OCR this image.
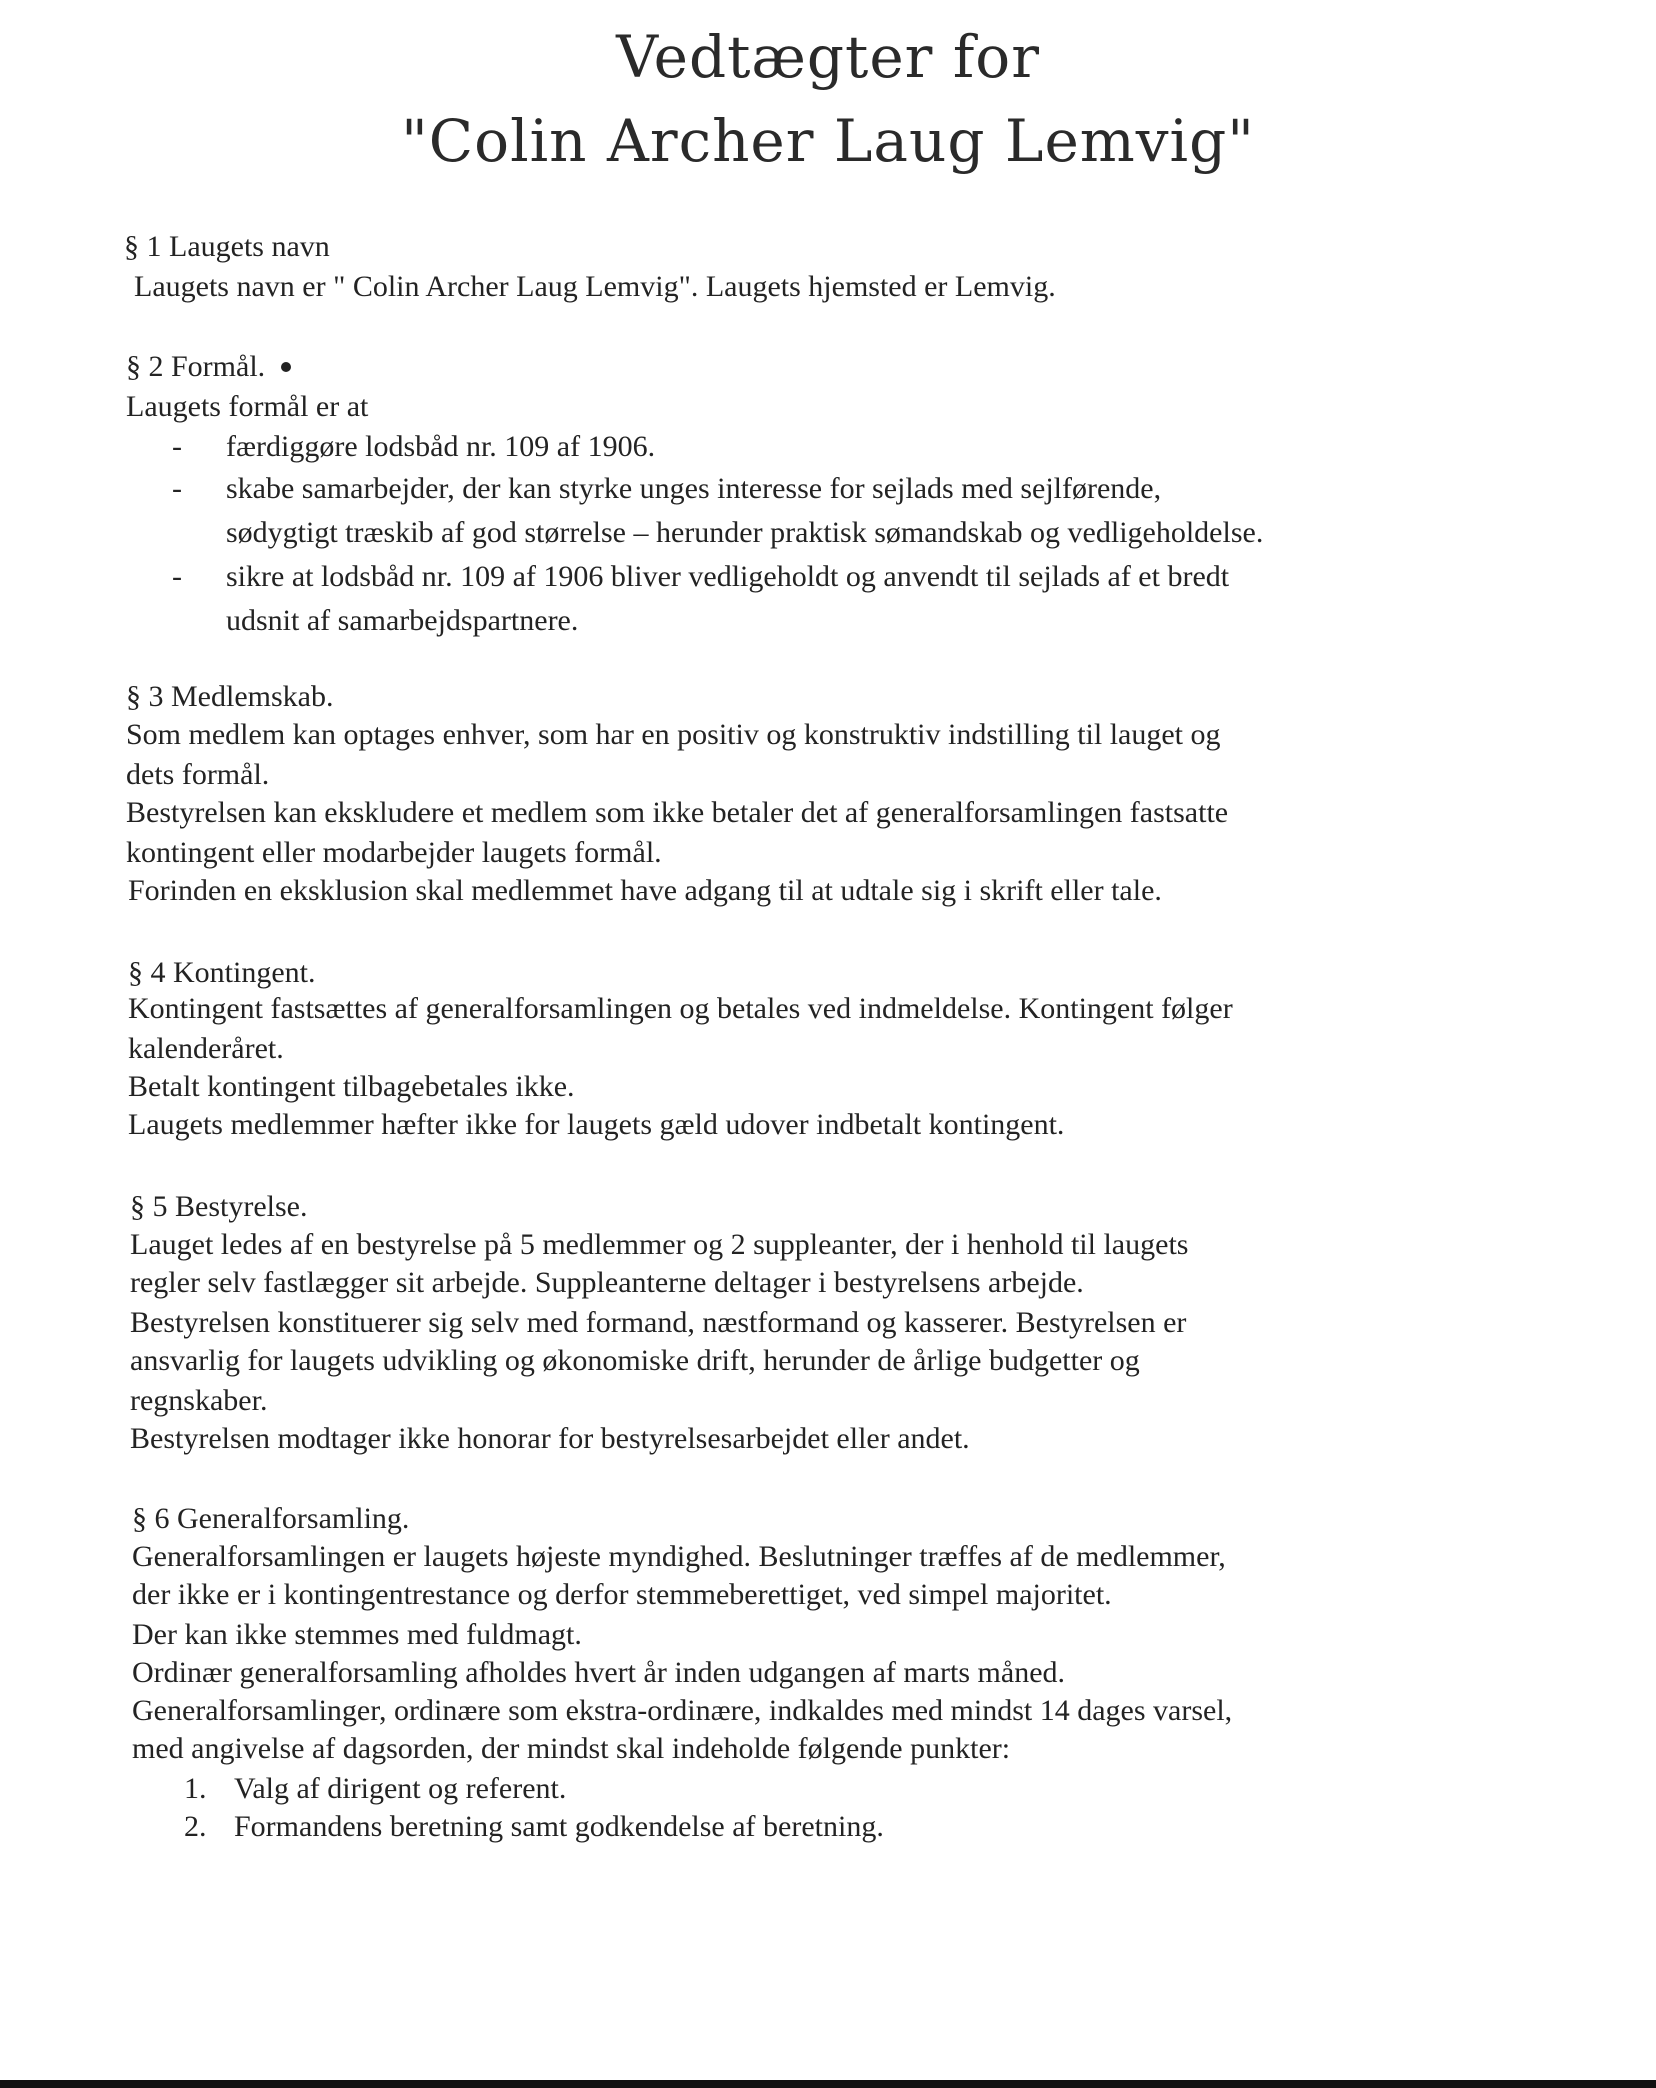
Vedtægter for
"Colin Archer Laug Lemvig"
§ 1 Laugets navn
Laugets navn er " Colin Archer Laug Lemvig". Laugets hjemsted er Lemvig.
§ 2 Formål.
Laugets formål er at
- færdiggøre lodsbåd nr. 109 af 1906.
- skabe samarbejder, der kan styrke unges interesse for sejlads med sejlførende,
sødygtigt træskib af god størrelse – herunder praktisk sømandskab og vedligeholdelse.
- sikre at lodsbåd nr. 109 af 1906 bliver vedligeholdt og anvendt til sejlads af et bredt
udsnit af samarbejdspartnere.
§ 3 Medlemskab.
Som medlem kan optages enhver, som har en positiv og konstruktiv indstilling til lauget og
dets formål.
Bestyrelsen kan ekskludere et medlem som ikke betaler det af generalforsamlingen fastsatte
kontingent eller modarbejder laugets formål.
Forinden en eksklusion skal medlemmet have adgang til at udtale sig i skrift eller tale.
§ 4 Kontingent.
Kontingent fastsættes af generalforsamlingen og betales ved indmeldelse. Kontingent følger
kalenderåret.
Betalt kontingent tilbagebetales ikke.
Laugets medlemmer hæfter ikke for laugets gæld udover indbetalt kontingent.
§ 5 Bestyrelse.
Lauget ledes af en bestyrelse på 5 medlemmer og 2 suppleanter, der i henhold til laugets
regler selv fastlægger sit arbejde. Suppleanterne deltager i bestyrelsens arbejde.
Bestyrelsen konstituerer sig selv med formand, næstformand og kasserer. Bestyrelsen er
ansvarlig for laugets udvikling og økonomiske drift, herunder de årlige budgetter og
regnskaber.
Bestyrelsen modtager ikke honorar for bestyrelsesarbejdet eller andet.
§ 6 Generalforsamling.
Generalforsamlingen er laugets højeste myndighed. Beslutninger træffes af de medlemmer,
der ikke er i kontingentrestance og derfor stemmeberettiget, ved simpel majoritet.
Der kan ikke stemmes med fuldmagt.
Ordinær generalforsamling afholdes hvert år inden udgangen af marts måned.
Generalforsamlinger, ordinære som ekstra-ordinære, indkaldes med mindst 14 dages varsel,
med angivelse af dagsorden, der mindst skal indeholde følgende punkter:
1. Valg af dirigent og referent.
2. Formandens beretning samt godkendelse af beretning.
